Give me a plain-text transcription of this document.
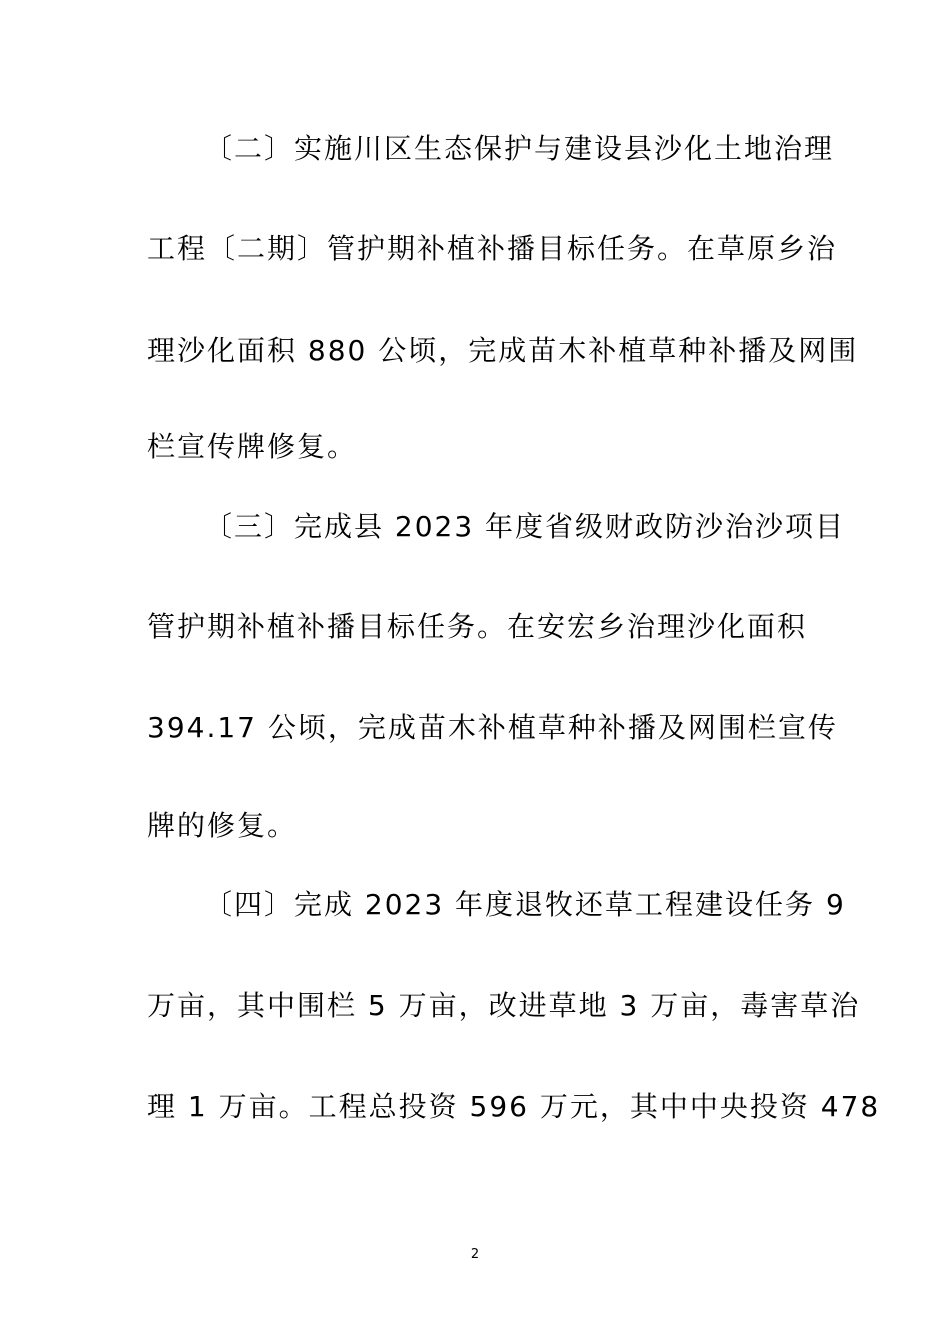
〔二〕实施川区生态保护与建设县沙化土地治理
工程〔二期〕管护期补植补播目标任务。在草原乡治
理沙化面积 880 公顷，完成苗木补植草种补播及网围
栏宣传牌修复。
〔三〕完成县 2023 年度省级财政防沙治沙项目
管护期补植补播目标任务。在安宏乡治理沙化面积
394.17 公顷，完成苗木补植草种补播及网围栏宣传
牌的修复。
〔四〕完成 2023 年度退牧还草工程建设任务 9
万亩，其中围栏 5 万亩，改进草地 3 万亩，毒害草治
理 1 万亩。工程总投资 596 万元，其中中央投资 478
2
